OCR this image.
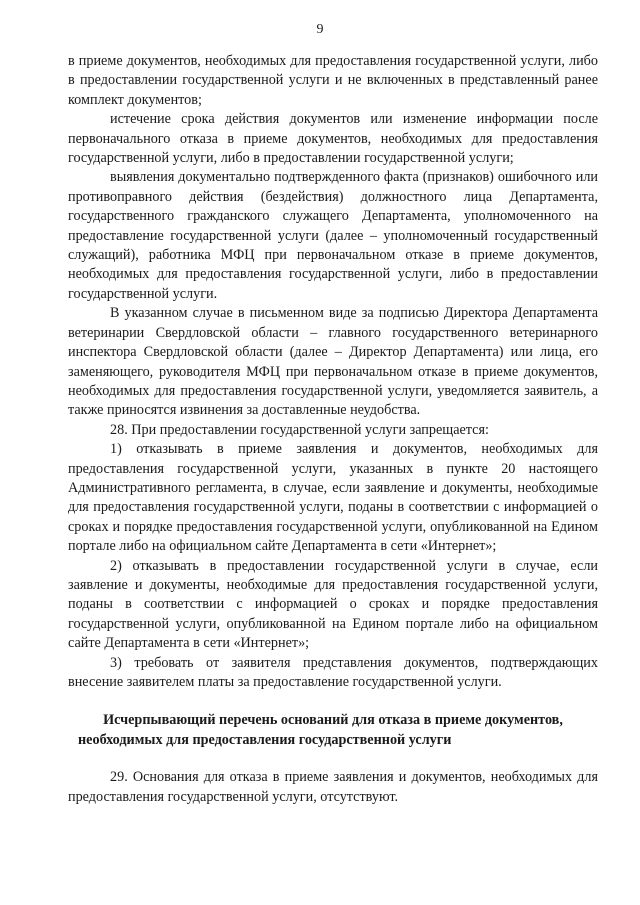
9

в приеме документов, необходимых для предоставления государственной услуги, либо в предоставлении государственной услуги и не включенных в представленный ранее комплект документов;

истечение срока действия документов или изменение информации после первоначального отказа в приеме документов, необходимых для предоставления государственной услуги, либо в предоставлении государственной услуги;

выявления документально подтвержденного факта (признаков) ошибочного или противоправного действия (бездействия) должностного лица Департамента, государственного гражданского служащего Департамента, уполномоченного на предоставление государственной услуги (далее – уполномоченный государственный служащий), работника МФЦ при первоначальном отказе в приеме документов, необходимых для предоставления государственной услуги, либо в предоставлении государственной услуги.

В указанном случае в письменном виде за подписью Директора Департамента ветеринарии Свердловской области – главного государственного ветеринарного инспектора Свердловской области (далее – Директор Департамента) или лица, его заменяющего, руководителя МФЦ при первоначальном отказе в приеме документов, необходимых для предоставления государственной услуги, уведомляется заявитель, а также приносятся извинения за доставленные неудобства.

28. При предоставлении государственной услуги запрещается:

1) отказывать в приеме заявления и документов, необходимых для предоставления государственной услуги, указанных в пункте 20 настоящего Административного регламента, в случае, если заявление и документы, необходимые для предоставления государственной услуги, поданы в соответствии с информацией о сроках и порядке предоставления государственной услуги, опубликованной на Едином портале либо на официальном сайте Департамента в сети «Интернет»;

2) отказывать в предоставлении государственной услуги в случае, если заявление и документы, необходимые для предоставления государственной услуги, поданы в соответствии с информацией о сроках и порядке предоставления государственной услуги, опубликованной на Едином портале либо на официальном сайте Департамента в сети «Интернет»;

3) требовать от заявителя представления документов, подтверждающих внесение заявителем платы за предоставление государственной услуги.

Исчерпывающий перечень оснований для отказа в приеме документов, необходимых для предоставления государственной услуги

29. Основания для отказа в приеме заявления и документов, необходимых для предоставления государственной услуги, отсутствуют.
